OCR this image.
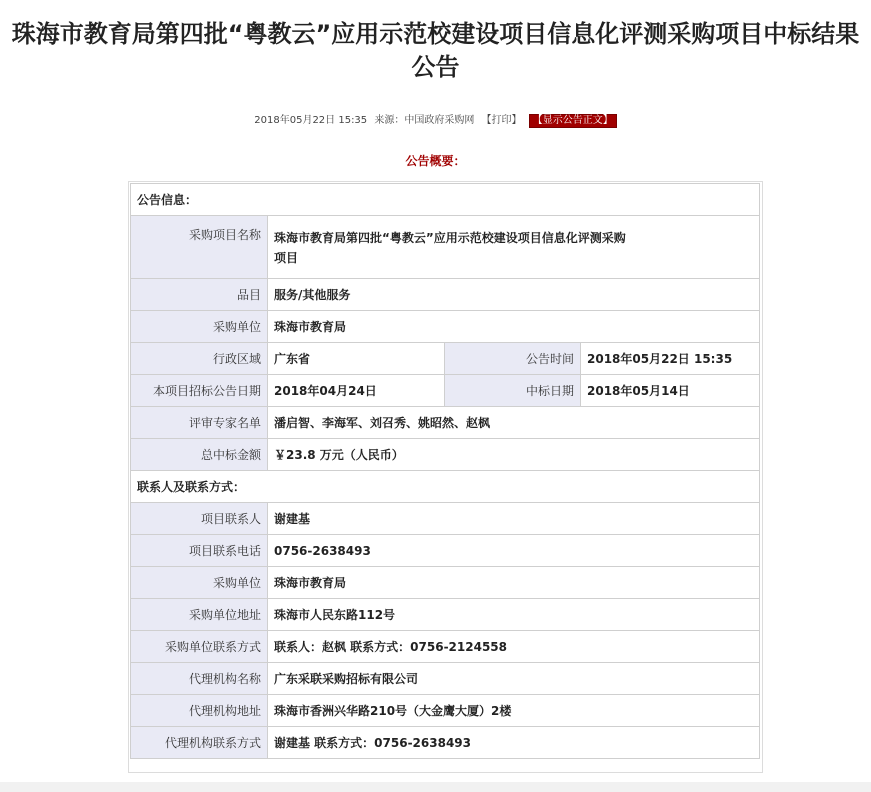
珠海市教育局第四批“粤教云”应用示范校建设项目信息化评测采购项目中标结果
公告
2018年05月22日 15:35 来源：中国政府采购网 【打印】 【显示公告正文】
公告概要：
公告信息：			
采购项目名称	珠海市教育局第四批“粤教云”应用示范校建设项目信息化评测采购
项目		

品目	服务/其他服务		
采购单位	珠海市教育局		
行政区域	广东省	公告时间	2018年05月22日 15:35
本项目招标公告日期	2018年04月24日	中标日期	2018年05月14日
评审专家名单	潘启智、李海军、刘召秀、姚昭然、赵枫		
总中标金额	￥23.8 万元（人民币）		
联系人及联系方式：			
项目联系人	谢建基		
项目联系电话	0756-2638493		
采购单位	珠海市教育局		
采购单位地址	珠海市人民东路112号		
采购单位联系方式	联系人：赵枫 联系方式：0756-2124558		
代理机构名称	广东采联采购招标有限公司		
代理机构地址	珠海市香洲兴华路210号（大金鹰大厦）2楼		
代理机构联系方式	谢建基 联系方式：0756-2638493		
